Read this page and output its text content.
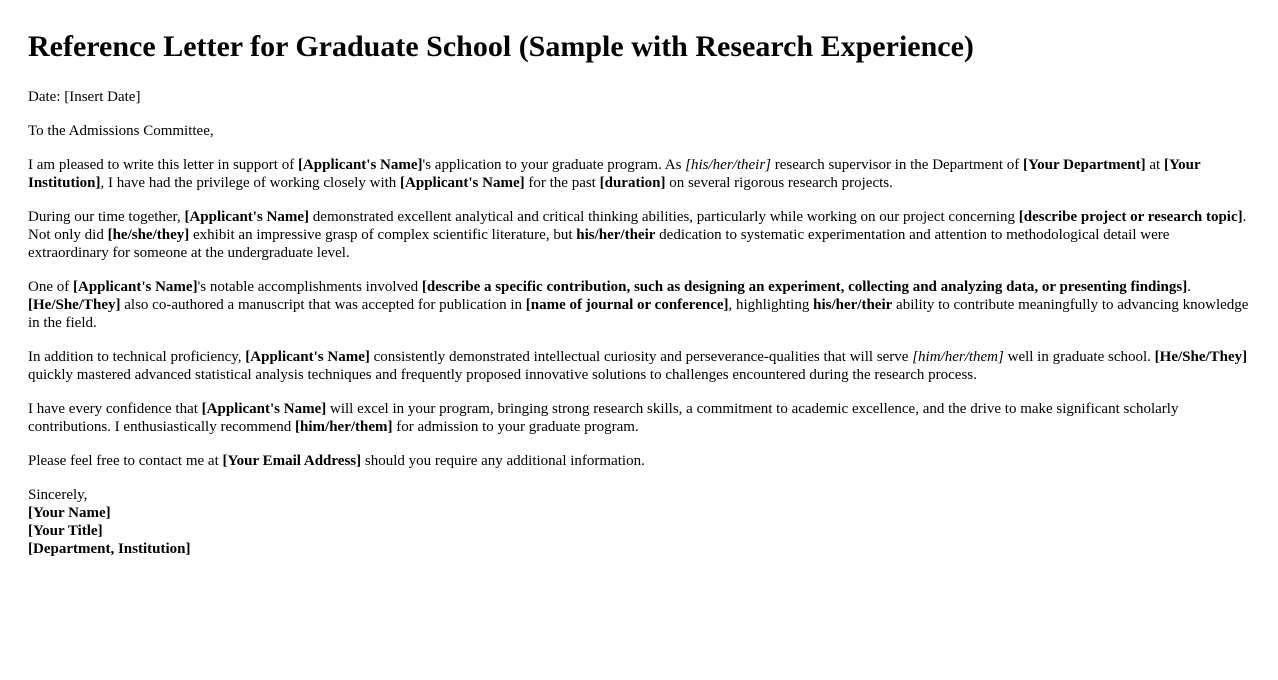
Reference Letter for Graduate School (Sample with Research Experience)

Date: [Insert Date]

To the Admissions Committee,

I am pleased to write this letter in support of [Applicant's Name]'s application to your graduate program. As [his/her/their] research supervisor in the Department of [Your Department] at [Your Institution], I have had the privilege of working closely with [Applicant's Name] for the past [duration] on several rigorous research projects.

During our time together, [Applicant's Name] demonstrated excellent analytical and critical thinking abilities, particularly while working on our project concerning [describe project or research topic]. Not only did [he/she/they] exhibit an impressive grasp of complex scientific literature, but his/her/their dedication to systematic experimentation and attention to methodological detail were extraordinary for someone at the undergraduate level.

One of [Applicant's Name]'s notable accomplishments involved [describe a specific contribution, such as designing an experiment, collecting and analyzing data, or presenting findings]. [He/She/They] also co-authored a manuscript that was accepted for publication in [name of journal or conference], highlighting his/her/their ability to contribute meaningfully to advancing knowledge in the field.

In addition to technical proficiency, [Applicant's Name] consistently demonstrated intellectual curiosity and perseverance-qualities that will serve [him/her/them] well in graduate school. [He/She/They] quickly mastered advanced statistical analysis techniques and frequently proposed innovative solutions to challenges encountered during the research process.

I have every confidence that [Applicant's Name] will excel in your program, bringing strong research skills, a commitment to academic excellence, and the drive to make significant scholarly contributions. I enthusiastically recommend [him/her/them] for admission to your graduate program.

Please feel free to contact me at [Your Email Address] should you require any additional information.

Sincerely,
[Your Name]
[Your Title]
[Department, Institution]
